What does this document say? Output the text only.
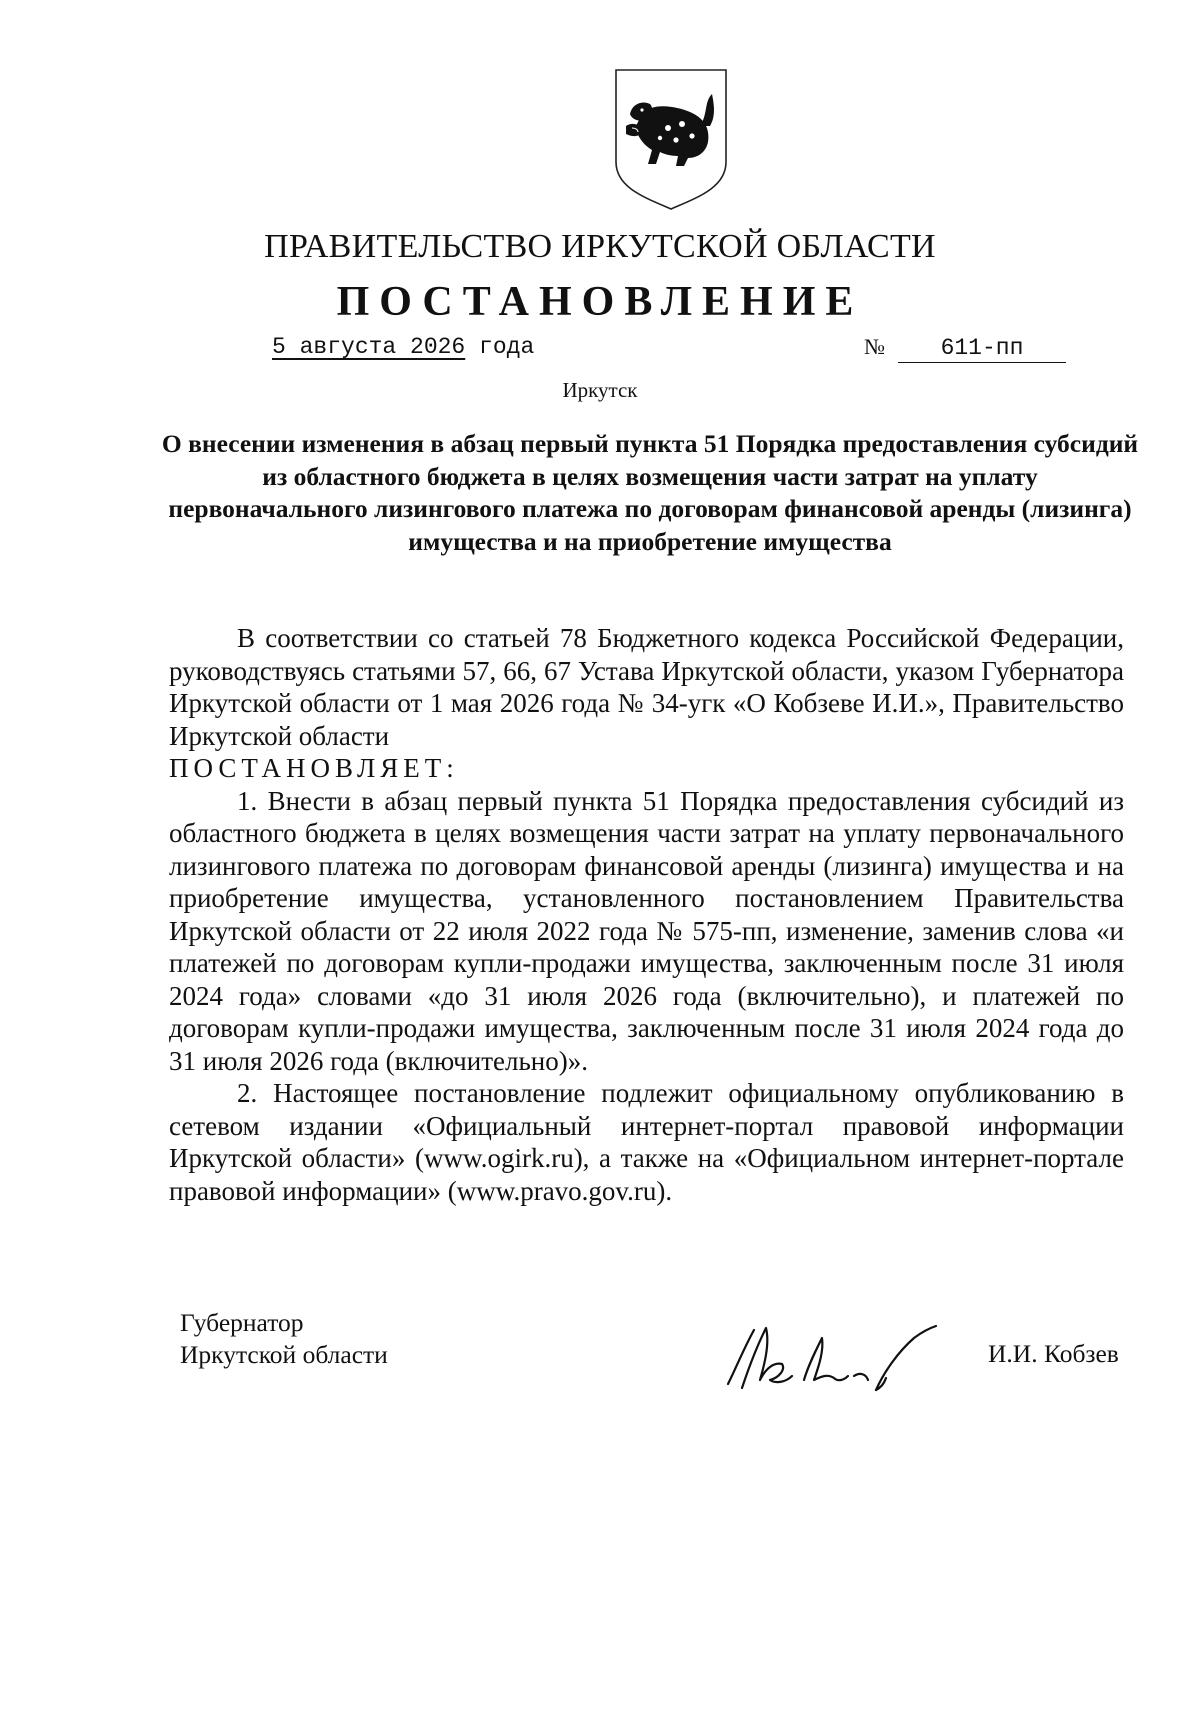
ПРАВИТЕЛЬСТВО ИРКУТСКОЙ ОБЛАСТИ
ПОСТАНОВЛЕНИЕ
5 августа 2026 года	№	611-пп
Иркутск
О внесении изменения в абзац первый пункта 51 Порядка предоставления субсидий из областного бюджета в целях возмещения части затрат на уплату первоначального лизингового платежа по договорам финансовой аренды (лизинга) имущества и на приобретение имущества

В соответствии со статьей 78 Бюджетного кодекса Российской Федерации, руководствуясь статьями 57, 66, 67 Устава Иркутской области, указом Губернатора Иркутской области от 1 мая 2026 года № 34-угк «О Кобзеве И.И.», Правительство Иркутской области

ПОСТАНОВЛЯЕТ:

1. Внести в абзац первый пункта 51 Порядка предоставления субсидий из областного бюджета в целях возмещения части затрат на уплату первоначального лизингового платежа по договорам финансовой аренды (лизинга) имущества и на приобретение имущества, установленного постановлением Правительства Иркутской области от 22 июля 2022 года № 575-пп, изменение, заменив слова «и платежей по договорам купли-продажи имущества, заключенным после 31 июля 2024 года» словами «до 31 июля 2026 года (включительно), и платежей по договорам купли-продажи имущества, заключенным после 31 июля 2024 года до 31 июля 2026 года (включительно)».

2. Настоящее постановление подлежит официальному опубликованию в сетевом издании «Официальный интернет-портал правовой информации Иркутской области» (www.ogirk.ru), а также на «Официальном интернет-портале правовой информации» (www.pravo.gov.ru).

Губернатор
Иркутской области	И.И. Кобзев
